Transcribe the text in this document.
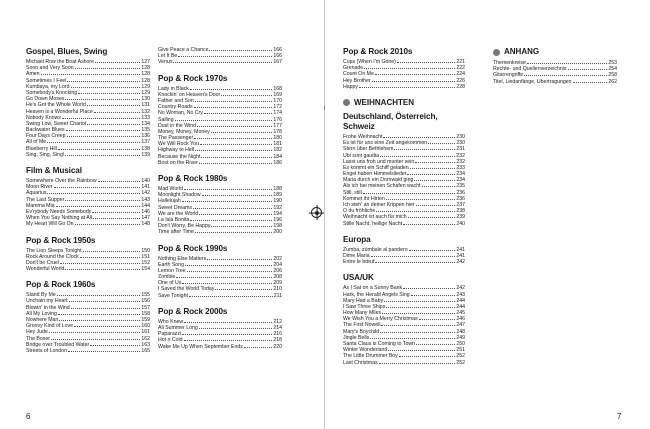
Gospel, Blues, Swing
Michael Row the Boat Ashore	127
Soon and Very Soon	128
Amen	128
Sometimes I Feel	128
Kumbaya, my Lord	129
Somebody's Knocking	129
Go Down Moses	130
He's Got the Whole World	131
Heaven is a Wonderful Place	132
Nobody Knows	133
Swing Low, Sweet Chariot	134
Backwater Blues	135
Four Days Creep	136
All of Me	137
Blueberry Hill	138
Sing, Sing, Sing!	139
Film & Musical
Somewhere Over the Rainbow	140
Moon River	141
Aquarius	142
The Last Supper	143
Mamma Mia	144
Ev'rybody Needs Somebody	146
When You Say Nothing at All	147
My Heart Will Go On	148
Pop & Rock 1950s
The Lion Sleeps Tonight	150
Rock Around the Clock	151
Don't be Cruel	152
Wonderful World	154
Pop & Rock 1960s
Stand By Me	155
Unchain my Heart	156
Blowin' in the Wind	157
All My Loving	158
Nowhere Man	159
Groovy Kind of Love	160
Hey Jude	161
The Boxer	162
Bridge over Troubled Water	163
Streets of London	165
Give Peace a Chance	166
Let It Be	166
Venus	167
Pop & Rock 1970s
Lady in Black	168
Knockin' on Heaven's Door	169
Father and Son	170
Country Roads	172
No Woman, No Cry	174
Sailing	176
Dust in the Wind	177
Money, Money, Money	178
The Passenger	180
We Will Rock You	181
Highway to Hell	182
Because the Night	184
Bost on the River	186
Pop & Rock 1980s
Mad World	188
Moonlight Shadow	189
Hallelujah	190
Sweet Dreams	192
We are the World	194
La Isla Bonita	196
Don't Worry, Be Happy	198
Time after Time	200
Pop & Rock 1990s
Nothing Else Matters	202
Earth Song	204
Lemon Tree	206
Zombie	208
One of Us	209
I Saved the World Today	210
Save Tonight	211
Pop & Rock 2000s
Who Knew	212
All Summer Long	214
Paparazzi	216
Hot n Cold	218
Wake Me Up When September Ends	220
6
Pop & Rock 2010s
Cups (When I'm Gone)	221
Grenade	222
Count On Me	224
Hey Brother	226
Happy	228
WEIHNACHTEN
Deutschland, Österreich, Schweiz
Frohe Weihnacht	230
Es ist für uns eine Zeit angekommen	230
Stern über Bethlehem	231
Ubi sunt gaudia	232
Lasst uns froh und munter sein	232
Es kommt ein Schiff geladen	233
Engel haben Himmelslieder	234
Maria durch ein Dornwald ging	234
Als ich bei meinen Schafen wacht	235
Still, still	236
Kommet ihr Hirten	236
Ich steh' an deiner Krippen hier	237
O du fröhliche	238
Weihnacht ist auch für mich	239
Stille Nacht, heilige Nacht	240
Europa
Zumba, zúmbale al pandero	241
Dime Maria	241
Entre le bœuf	242
USA/UK
As I Sat on a Sunny Bank	242
Hark, the Herald Angels Sing	243
Mary Had a Baby	244
I Saw Three Ships	244
How Many Miles	245
We Wish You a Merry Christmas	246
The First Nowell	247
Mary's Boychild	248
Jingle Bells	249
Santa Claus is Coming to Town	250
Winter Wonderland	251
The Little Drummer Boy	252
Last Christmas	252
ANHANG
Themenkreise	253
Rechte- und Quellenverzeichnis	254
Gitarrengriffe	258
Titel, Liedanfänge, Übertragungen	262
7
